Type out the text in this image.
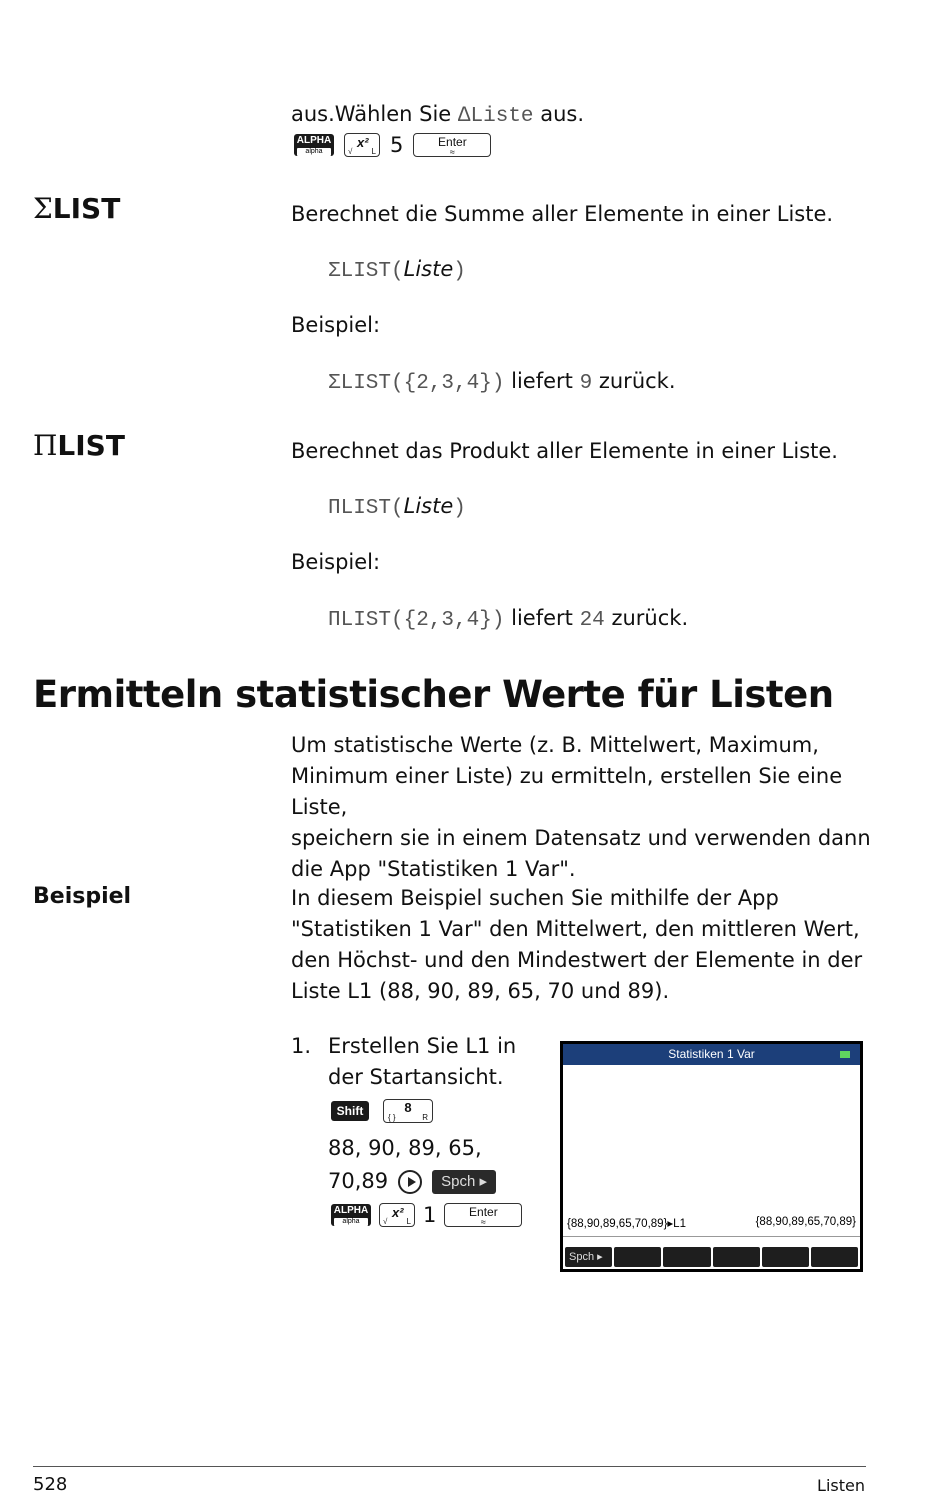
aus.Wählen Sie ∆Liste aus.
ALPHA
alpha
x²
√ L 5	Enter
≈
ΣLIST	Berechnet die Summe aller Elemente in einer Liste.
ΣLIST(Liste)
Beispiel:
ΣLIST({2,3,4}) liefert 9 zurück.
ΠLIST	Berechnet das Produkt aller Elemente in einer Liste.
ΠLIST(Liste)
Beispiel:
ΠLIST({2,3,4}) liefert 24 zurück.
Ermitteln statistischer Werte für Listen
Um statistische Werte (z. B. Mittelwert, Maximum,
Minimum einer Liste) zu ermitteln, erstellen Sie eine Liste,
speichern sie in einem Datensatz und verwenden dann
die App "Statistiken 1 Var".
Beispiel	In diesem Beispiel suchen Sie mithilfe der App
"Statistiken 1 Var" den Mittelwert, den mittleren Wert,
den Höchst- und den Mindestwert der Elemente in der
Liste L1 (88, 90, 89, 65, 70 und 89).
1. Erstellen Sie L1 in
der Startansicht.
Shift	8
{ }	R
88, 90, 89, 65,
70,89	Spch ▸
ALPHA
alpha
x²
√ L 1	Enter
≈
Statistiken 1 Var
{88,90,89,65,70,89}▸L1	{88,90,89,65,70,89}
Spch ▸
528	Listen
